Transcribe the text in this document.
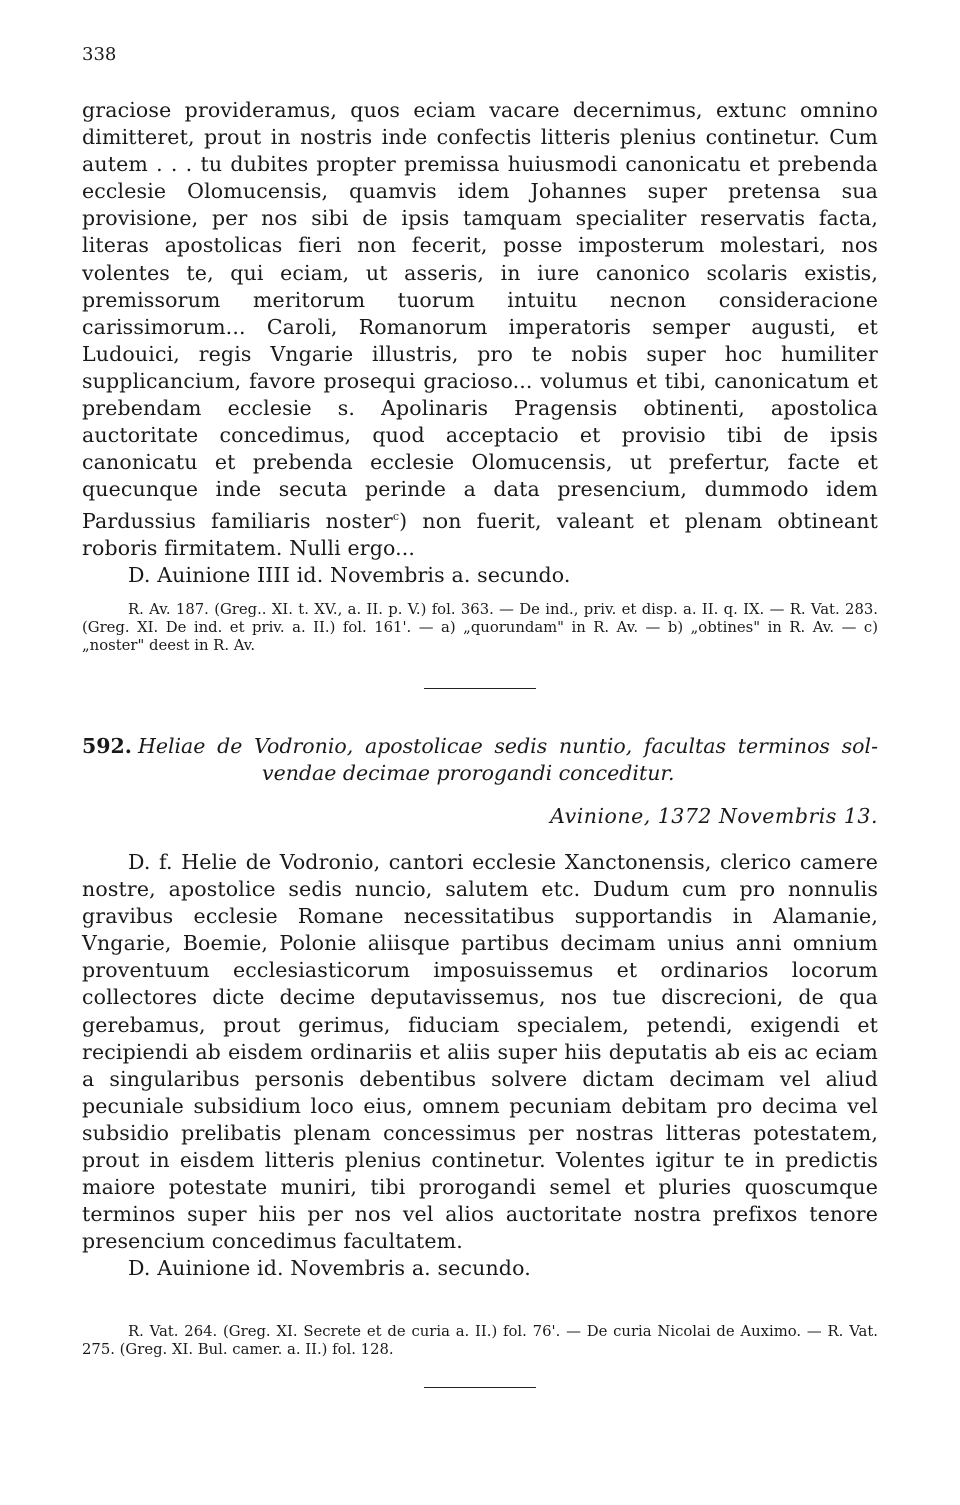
338

graciose provideramus, quos eciam vacare decernimus, extunc omnino dimitteret, prout in nostris inde confectis litteris plenius continetur. Cum autem . . . tu dubites propter premissa huiusmodi canonicatu et prebenda ecclesie Olomucensis, quamvis idem Johannes super pretensa sua provisione, per nos sibi de ipsis tamquam specialiter reservatis facta, literas apostolicas fieri non fecerit, posse imposterum molestari, nos volentes te, qui eciam, ut asseris, in iure canonico scolaris existis, premissorum meritorum tuorum intuitu necnon consideracione carissimorum... Caroli, Romanorum imperatoris semper augusti, et Ludouici, regis Vngarie illustris, pro te nobis super hoc humiliter supplicancium, favore prosequi gracioso... volumus et tibi, canonicatum et prebendam ecclesie s. Apolinaris Pragensis obtinenti, apostolica auctoritate concedimus, quod acceptacio et provisio tibi de ipsis canonicatu et prebenda ecclesie Olomucensis, ut prefertur, facte et quecunque inde secuta perinde a data presencium, dummodo idem Pardussius familiaris noster$^c$) non fuerit, valeant et plenam obtineant roboris firmitatem. Nulli ergo...

D. Auinione IIII id. Novembris a. secundo.

R. Av. 187. (Greg.. XI. t. XV., a. II. p. V.) fol. 363. — De ind., priv. et disp. a. II. q. IX. — R. Vat. 283. (Greg. XI. De ind. et priv. a. II.) fol. 161'. — a) „quorundam" in R. Av. — b) „obtines" in R. Av. — c) „noster" deest in R. Av.

592. Heliae de Vodronio, apostolicae sedis nuntio, facultas terminos sol-
vendae decimae prorogandi conceditur.
Avinione, 1372 Novembris 13.

D. f. Helie de Vodronio, cantori ecclesie Xanctonensis, clerico camere nostre, apostolice sedis nuncio, salutem etc. Dudum cum pro nonnulis gravibus ecclesie Romane necessitatibus supportandis in Alamanie, Vngarie, Boemie, Polonie aliisque partibus decimam unius anni omnium proventuum ecclesiasticorum imposuissemus et ordinarios locorum collectores dicte decime deputavissemus, nos tue discrecioni, de qua gerebamus, prout gerimus, fiduciam specialem, petendi, exigendi et recipiendi ab eisdem ordinariis et aliis super hiis deputatis ab eis ac eciam a singularibus personis debentibus solvere dictam decimam vel aliud pecuniale subsidium loco eius, omnem pecuniam debitam pro decima vel subsidio prelibatis plenam concessimus per nostras litteras potestatem, prout in eisdem litteris plenius continetur. Volentes igitur te in predictis maiore potestate muniri, tibi prorogandi semel et pluries quoscumque terminos super hiis per nos vel alios auctoritate nostra prefixos tenore presencium concedimus facultatem.

D. Auinione id. Novembris a. secundo.

R. Vat. 264. (Greg. XI. Secrete et de curia a. II.) fol. 76'. — De curia Nicolai de Auximo. — R. Vat. 275. (Greg. XI. Bul. camer. a. II.) fol. 128.
